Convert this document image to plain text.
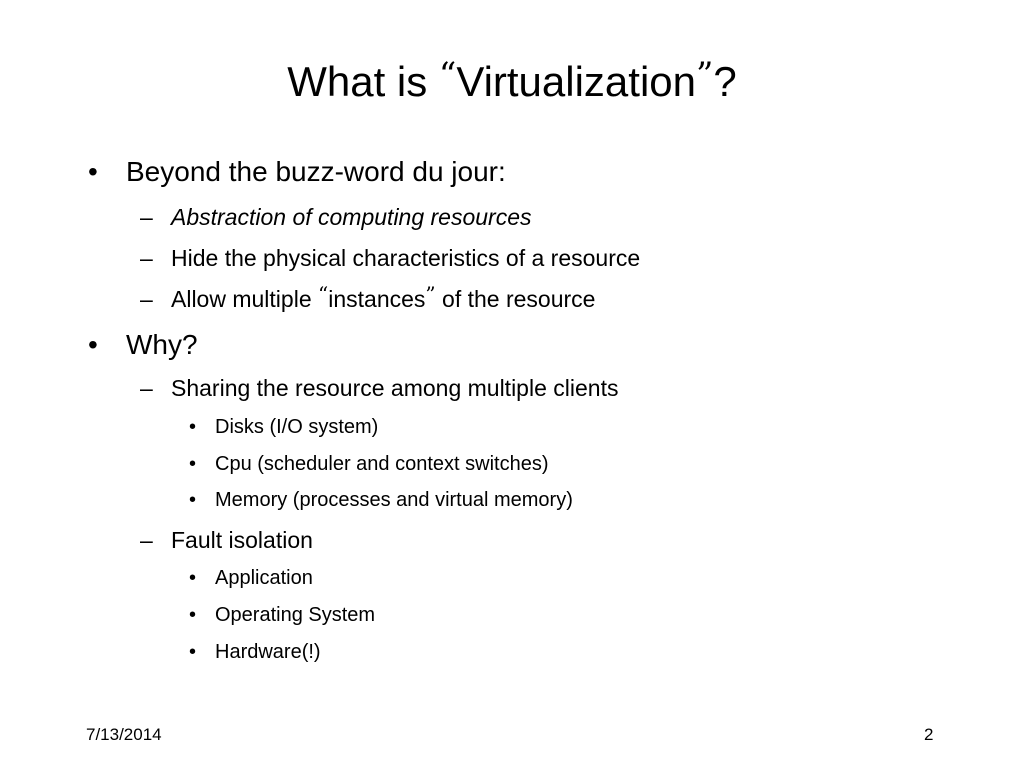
What is “Virtualization”?
• Beyond the buzz-word du jour:
– Abstraction of computing resources
– Hide the physical characteristics of a resource
– Allow multiple “instances” of the resource
• Why?
– Sharing the resource among multiple clients
• Disks (I/O system)
• Cpu (scheduler and context switches)
• Memory (processes and virtual memory)
– Fault isolation
• Application
• Operating System
• Hardware(!)
7/13/2014	2
